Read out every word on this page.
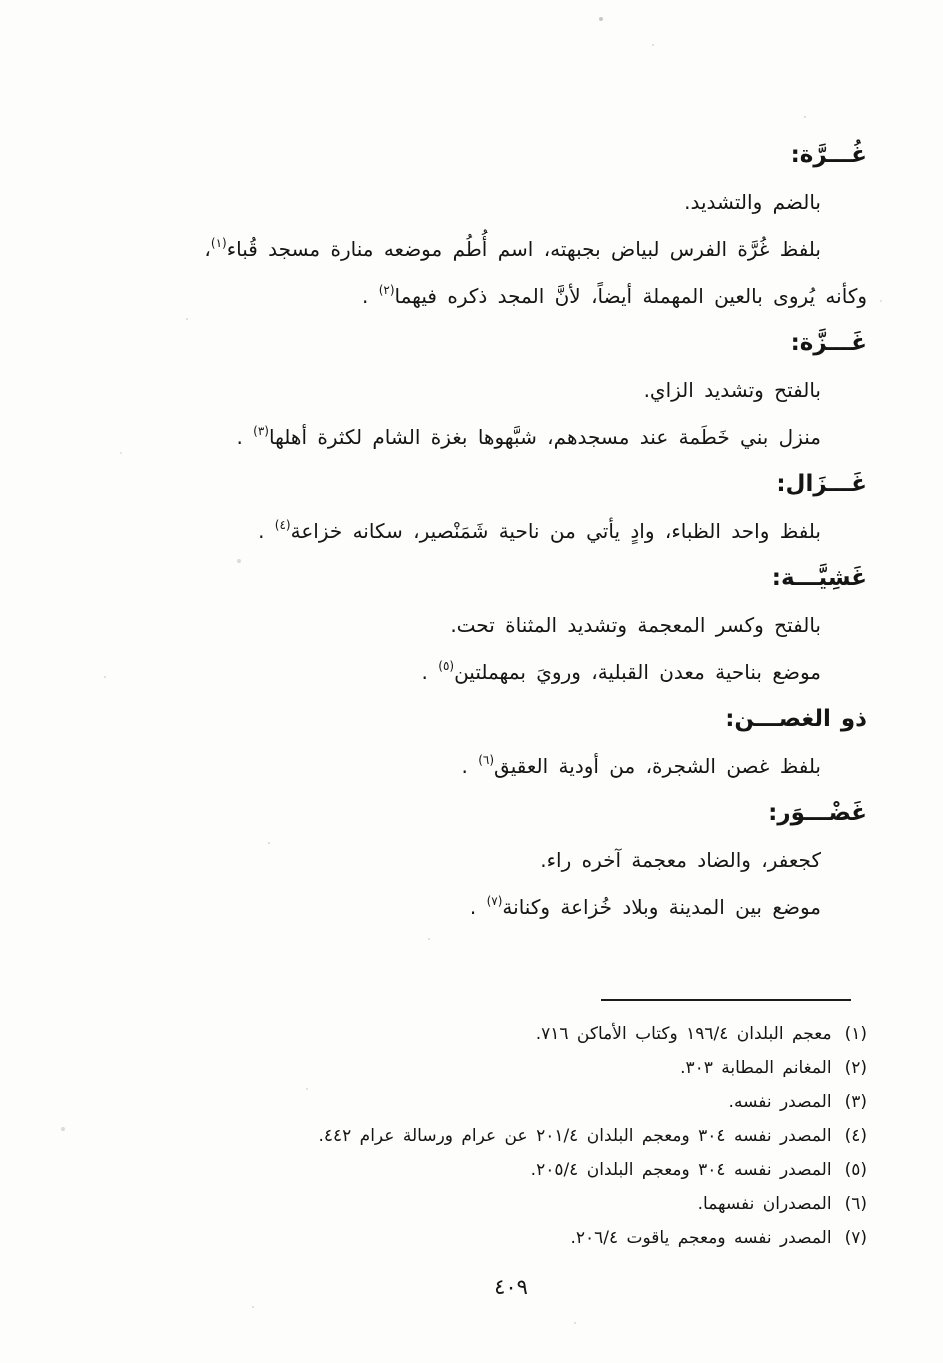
غُـــرَّة:
بالضم والتشديد.
بلفظ غُرَّة الفرس لبياض بجبهته، اسم أُطُم موضعه منارة مسجد قُباء$^{(١)}$،
وكأنه يُروى بالعين المهملة أيضاً، لأنَّ المجد ذكره فيهما$^{(٢)}$ .
غَـــزَّة:
بالفتح وتشديد الزاي.
منزل بني خَطَمة عند مسجدهم، شبَّهوها بغزة الشام لكثرة أهلها$^{(٣)}$ .
غَـــزَال:
بلفظ واحد الظباء، وادٍ يأتي من ناحية شَمَنْصير، سكانه خزاعة$^{(٤)}$ .
غَشِيَّـــة:
بالفتح وكسر المعجمة وتشديد المثناة تحت.
موضع بناحية معدن القبلية، ورويَ بمهملتين$^{(٥)}$ .
ذو الغصـــن:
بلفظ غصن الشجرة، من أودية العقيق$^{(٦)}$ .
غَضْـــوَر:
كجعفر، والضاد معجمة آخره راء.
موضع بين المدينة وبلاد خُزاعة وكنانة$^{(٧)}$ .
(١)
معجم البلدان ١٩٦/٤ وكتاب الأماكن ٧١٦.
(٢)
المغانم المطابة ٣٠٣.
(٣)
المصدر نفسه.
(٤)
المصدر نفسه ٣٠٤ ومعجم البلدان ٢٠١/٤ عن عرام ورسالة عرام ٤٤٢.
(٥)
المصدر نفسه ٣٠٤ ومعجم البلدان ٢٠٥/٤.
(٦)
المصدران نفسهما.
(٧)
المصدر نفسه ومعجم ياقوت ٢٠٦/٤.
٤٠٩
